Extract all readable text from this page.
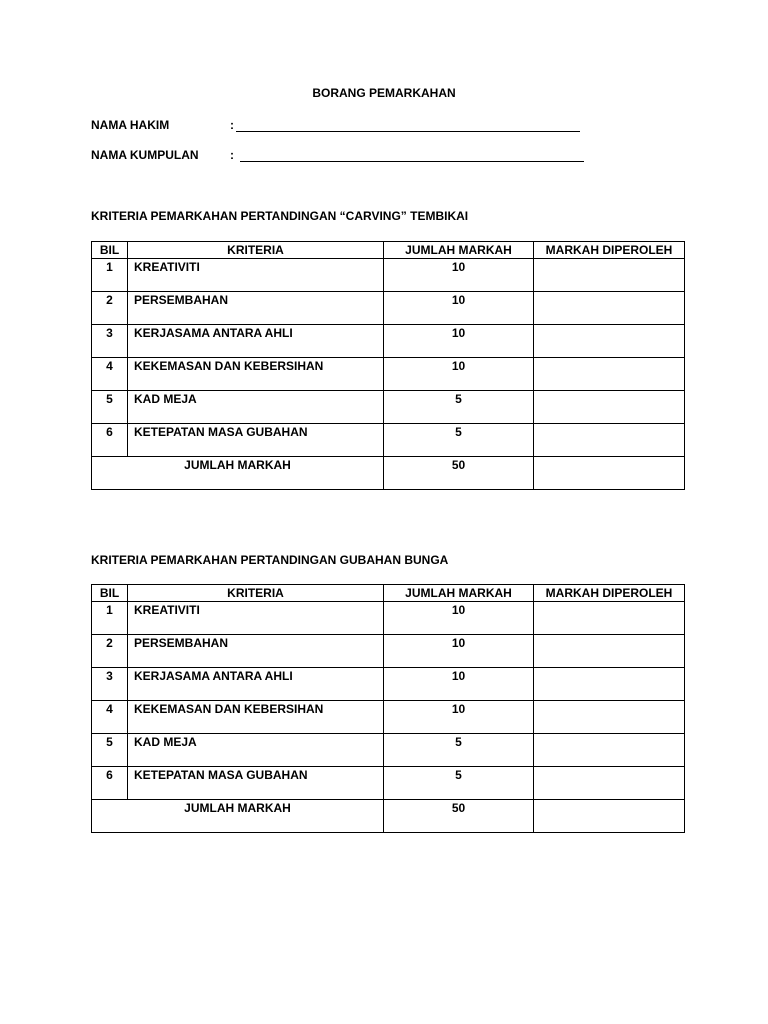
BORANG PEMARKAHAN
NAMA HAKIM	:
NAMA KUMPULAN	:
KRITERIA PEMARKAHAN PERTANDINGAN “CARVING” TEMBIKAI
BIL	KRITERIA	JUMLAH MARKAH	MARKAH DIPEROLEH
1	KREATIVITI	10	
2	PERSEMBAHAN	10	
3	KERJASAMA ANTARA AHLI	10	
4	KEKEMASAN DAN KEBERSIHAN	10	
5	KAD MEJA	5	
6	KETEPATAN MASA GUBAHAN	5	
JUMLAH MARKAH		50	
KRITERIA PEMARKAHAN PERTANDINGAN GUBAHAN BUNGA
BIL	KRITERIA	JUMLAH MARKAH	MARKAH DIPEROLEH
1	KREATIVITI	10	
2	PERSEMBAHAN	10	
3	KERJASAMA ANTARA AHLI	10	
4	KEKEMASAN DAN KEBERSIHAN	10	
5	KAD MEJA	5	
6	KETEPATAN MASA GUBAHAN	5	
JUMLAH MARKAH		50	
